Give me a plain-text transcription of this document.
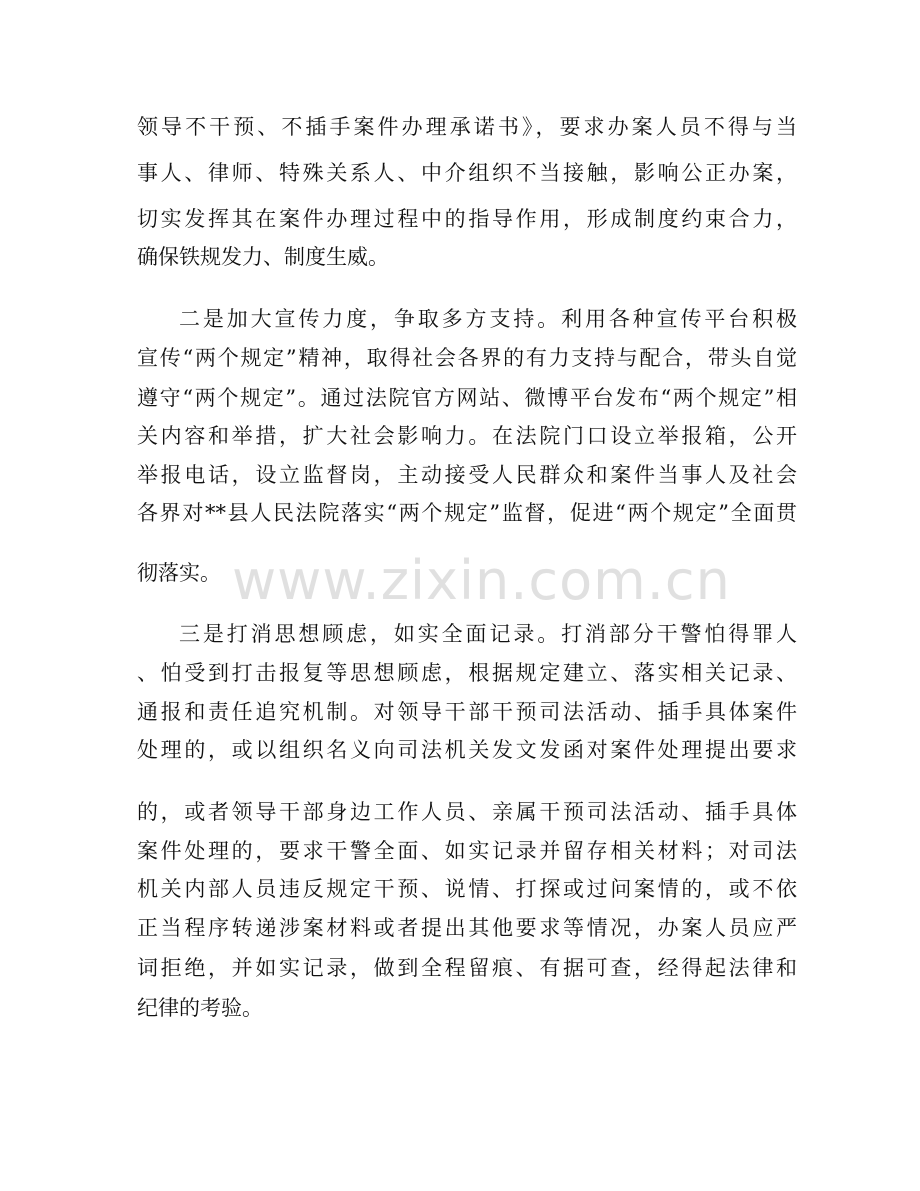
领导不干预、不插手案件办理承诺书》，要求办案人员不得与当
事人、律师、特殊关系人、中介组织不当接触，影响公正办案，
切实发挥其在案件办理过程中的指导作用，形成制度约束合力，
确保铁规发力、制度生威。
二是加大宣传力度，争取多方支持。利用各种宣传平台积极
宣传“两个规定”精神，取得社会各界的有力支持与配合，带头自觉
遵守“两个规定”。通过法院官方网站、微博平台发布“两个规定”相
关内容和举措，扩大社会影响力。在法院门口设立举报箱，公开
举报电话，设立监督岗，主动接受人民群众和案件当事人及社会
各界对**县人民法院落实“两个规定”监督，促进“两个规定”全面贯
彻落实。 www.zixin.com.cn
三是打消思想顾虑，如实全面记录。打消部分干警怕得罪人
、怕受到打击报复等思想顾虑，根据规定建立、落实相关记录、
通报和责任追究机制。对领导干部干预司法活动、插手具体案件
处理的，或以组织名义向司法机关发文发函对案件处理提出要求
的，或者领导干部身边工作人员、亲属干预司法活动、插手具体
案件处理的，要求干警全面、如实记录并留存相关材料；对司法
机关内部人员违反规定干预、说情、打探或过问案情的，或不依
正当程序转递涉案材料或者提出其他要求等情况，办案人员应严
词拒绝，并如实记录，做到全程留痕、有据可查，经得起法律和
纪律的考验。
